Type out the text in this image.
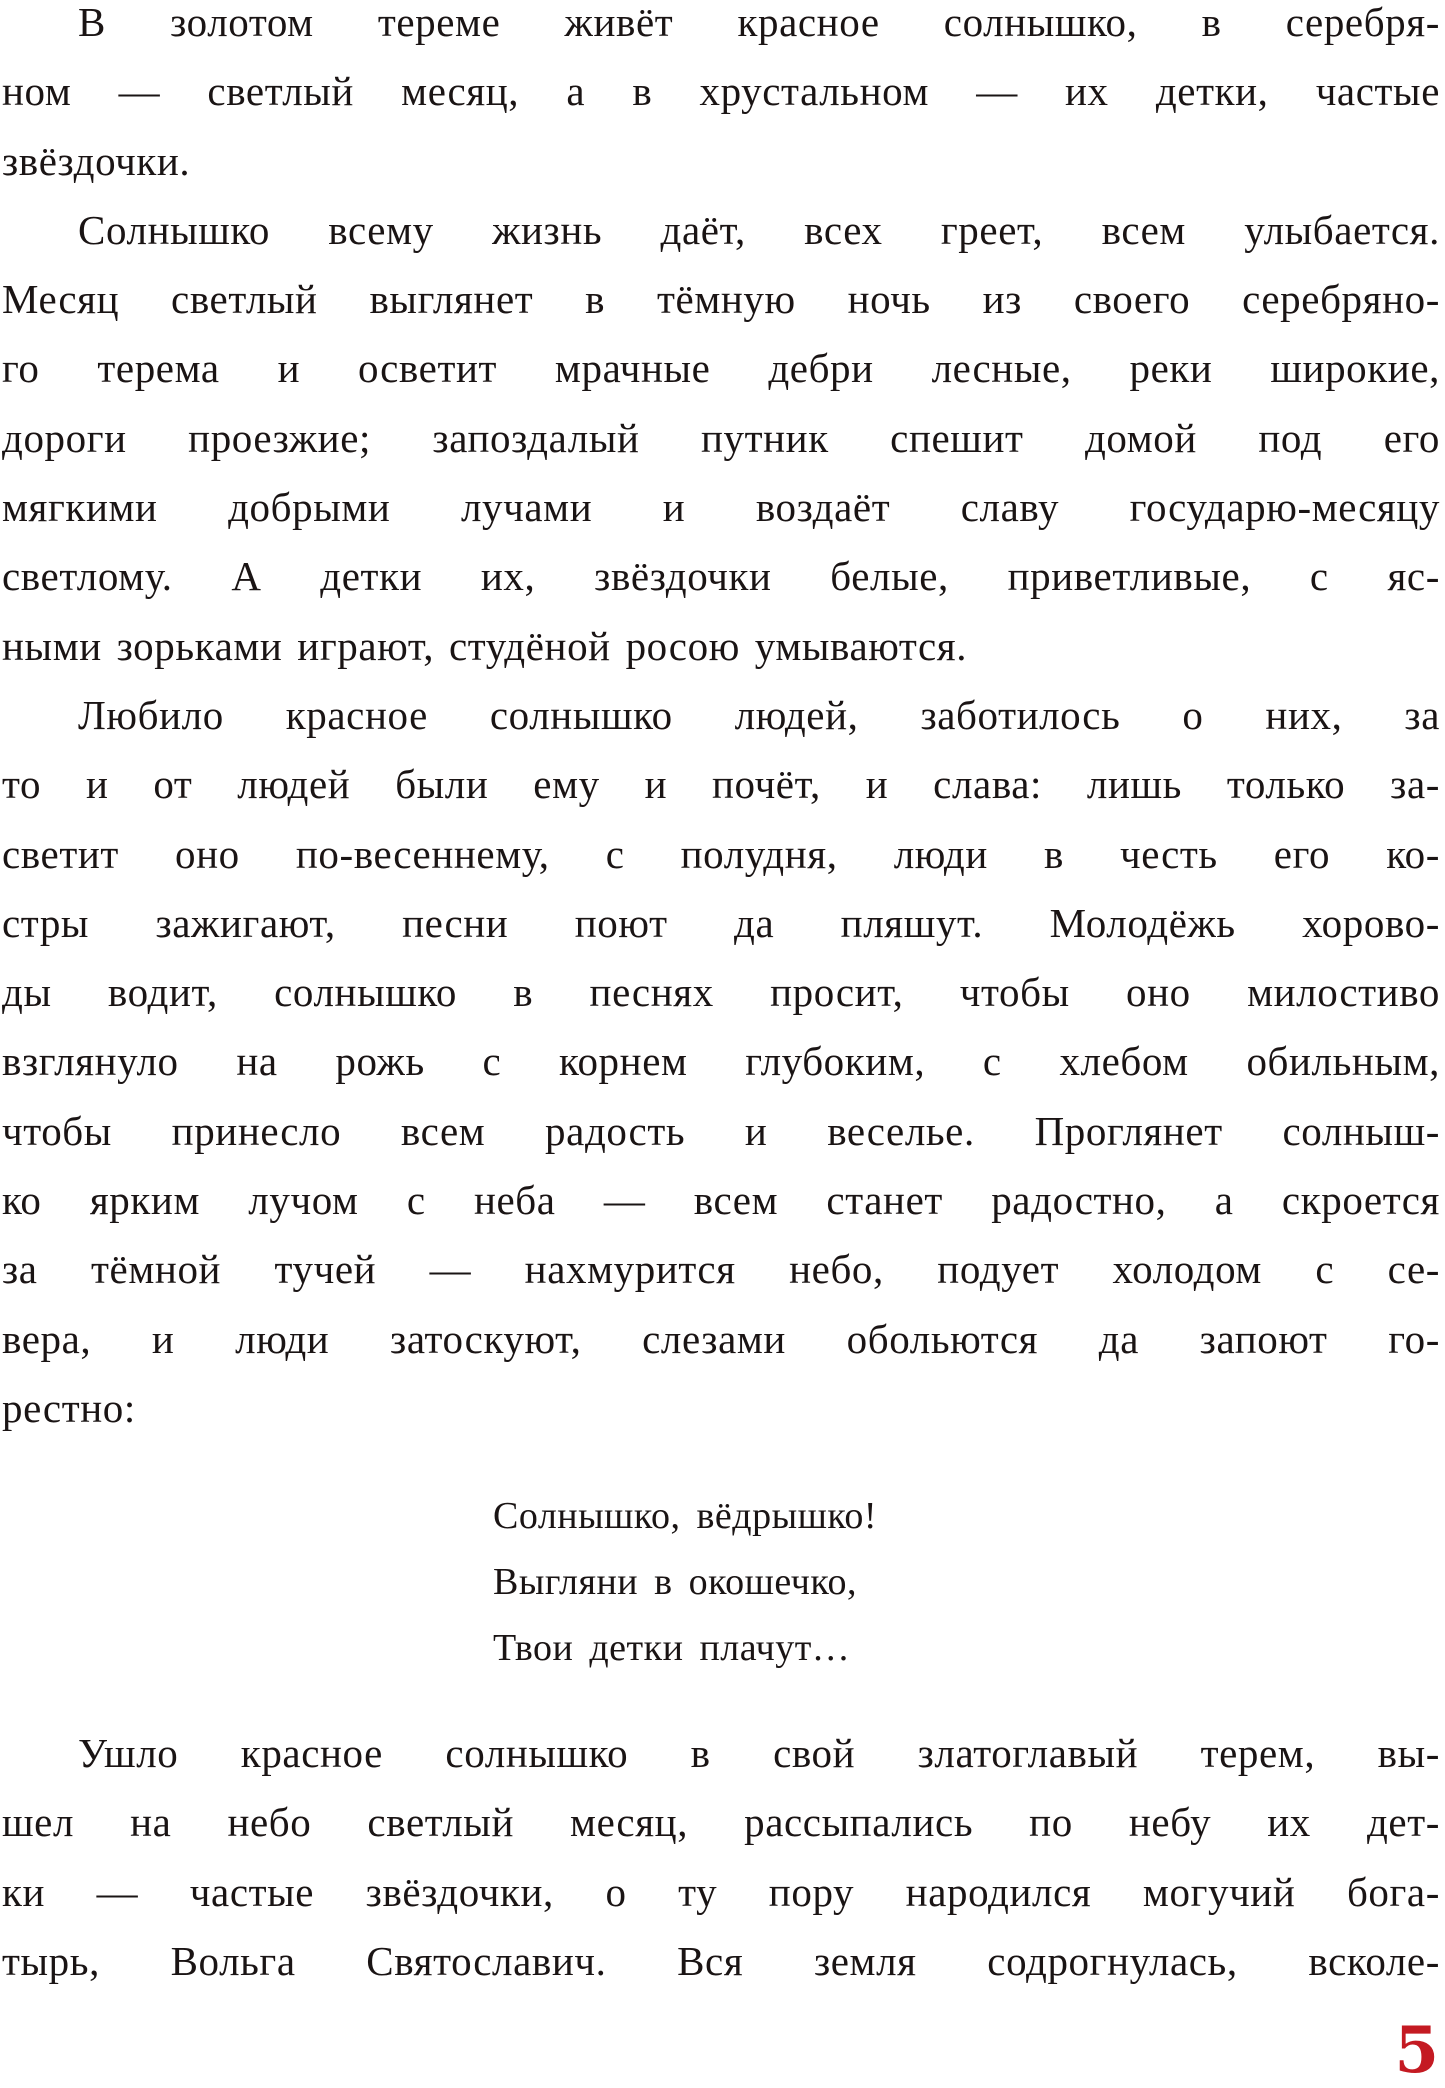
В золотом тереме живёт красное солнышко, в серебря-
ном — светлый месяц, а в хрустальном — их детки, частые
звёздочки.
Солнышко всему жизнь даёт, всех греет, всем улыбается.
Месяц светлый выглянет в тёмную ночь из своего серебряно-
го терема и осветит мрачные дебри лесные, реки широкие,
дороги проезжие; запоздалый путник спешит домой под его
мягкими добрыми лучами и воздаёт славу государю-месяцу
светлому. А детки их, звёздочки белые, приветливые, с яс-
ными зорьками играют, студёной росою умываются.
Любило красное солнышко людей, заботилось о них, за
то и от людей были ему и почёт, и слава: лишь только за-
светит оно по-весеннему, с полудня, люди в честь его ко-
стры зажигают, песни поют да пляшут. Молодёжь хорово-
ды водит, солнышко в песнях просит, чтобы оно милостиво
взглянуло на рожь с корнем глубоким, с хлебом обильным,
чтобы принесло всем радость и веселье. Проглянет солныш-
ко ярким лучом с неба — всем станет радостно, а скроется
за тёмной тучей — нахмурится небо, подует холодом с се-
вера, и люди затоскуют, слезами обольются да запоют го-
рестно:
Солнышко, вёдрышко!
Выгляни в окошечко,
Твои детки плачут…
Ушло красное солнышко в свой златоглавый терем, вы-
шел на небо светлый месяц, рассыпались по небу их дет-
ки — частые звёздочки, о ту пору народился могучий бога-
тырь, Вольга Святославич. Вся земля содрогнулась, всколе-
5
